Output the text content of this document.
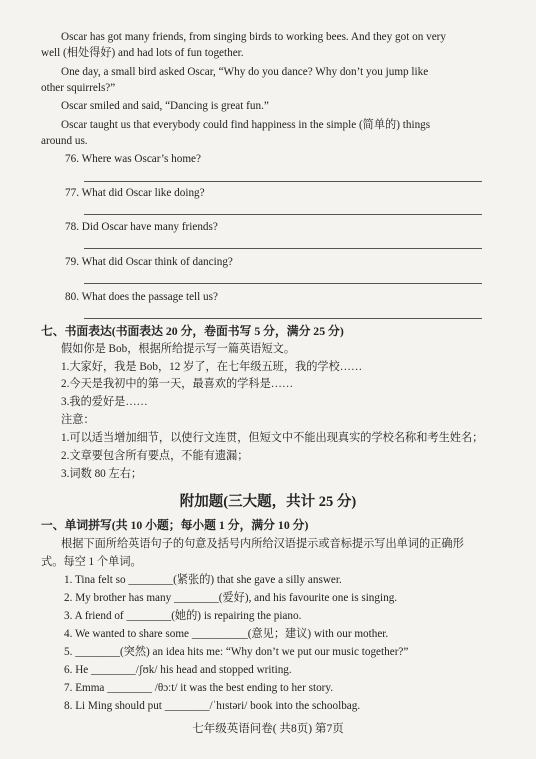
Oscar has got many friends, from singing birds to working bees. And they got on very
well (相处得好) and had lots of fun together.
One day, a small bird asked Oscar, “Why do you dance? Why don’t you jump like
other squirrels?”
Oscar smiled and said, “Dancing is great fun.”
Oscar taught us that everybody could find happiness in the simple (简单的) things
around us.
76. Where was Oscar’s home?
77. What did Oscar like doing?
78. Did Oscar have many friends?
79. What did Oscar think of dancing?
80. What does the passage tell us?
七、书面表达(书面表达 20 分，卷面书写 5 分，满分 25 分)
假如你是 Bob，根据所给提示写一篇英语短文。
1.大家好，我是 Bob，12 岁了，在七年级五班，我的学校……
2.今天是我初中的第一天，最喜欢的学科是……
3.我的爱好是……
注意：
1.可以适当增加细节，以使行文连贯，但短文中不能出现真实的学校名称和考生姓名；
2.文章要包含所有要点，不能有遗漏；
3.词数 80 左右；
附加题(三大题，共计 25 分)
一、单词拼写(共 10 小题；每小题 1 分，满分 10 分)
根据下面所给英语句子的句意及括号内所给汉语提示或音标提示写出单词的正确形
式。每空 1 个单词。
1. Tina felt so ________(紧张的) that she gave a silly answer.
2. My brother has many ________(爱好), and his favourite one is singing.
3. A friend of ________(她的) is repairing the piano.
4. We wanted to share some __________(意见；建议) with our mother.
5. ________(突然) an idea hits me: “Why don’t we put our music together?”
6. He ________/ʃʊk/ his head and stopped writing.
7. Emma ________ /θɔːt/ it was the best ending to her story.
8. Li Ming should put ________/ˈhɪstəri/ book into the schoolbag.
七年级英语问卷( 共8页) 第7页
